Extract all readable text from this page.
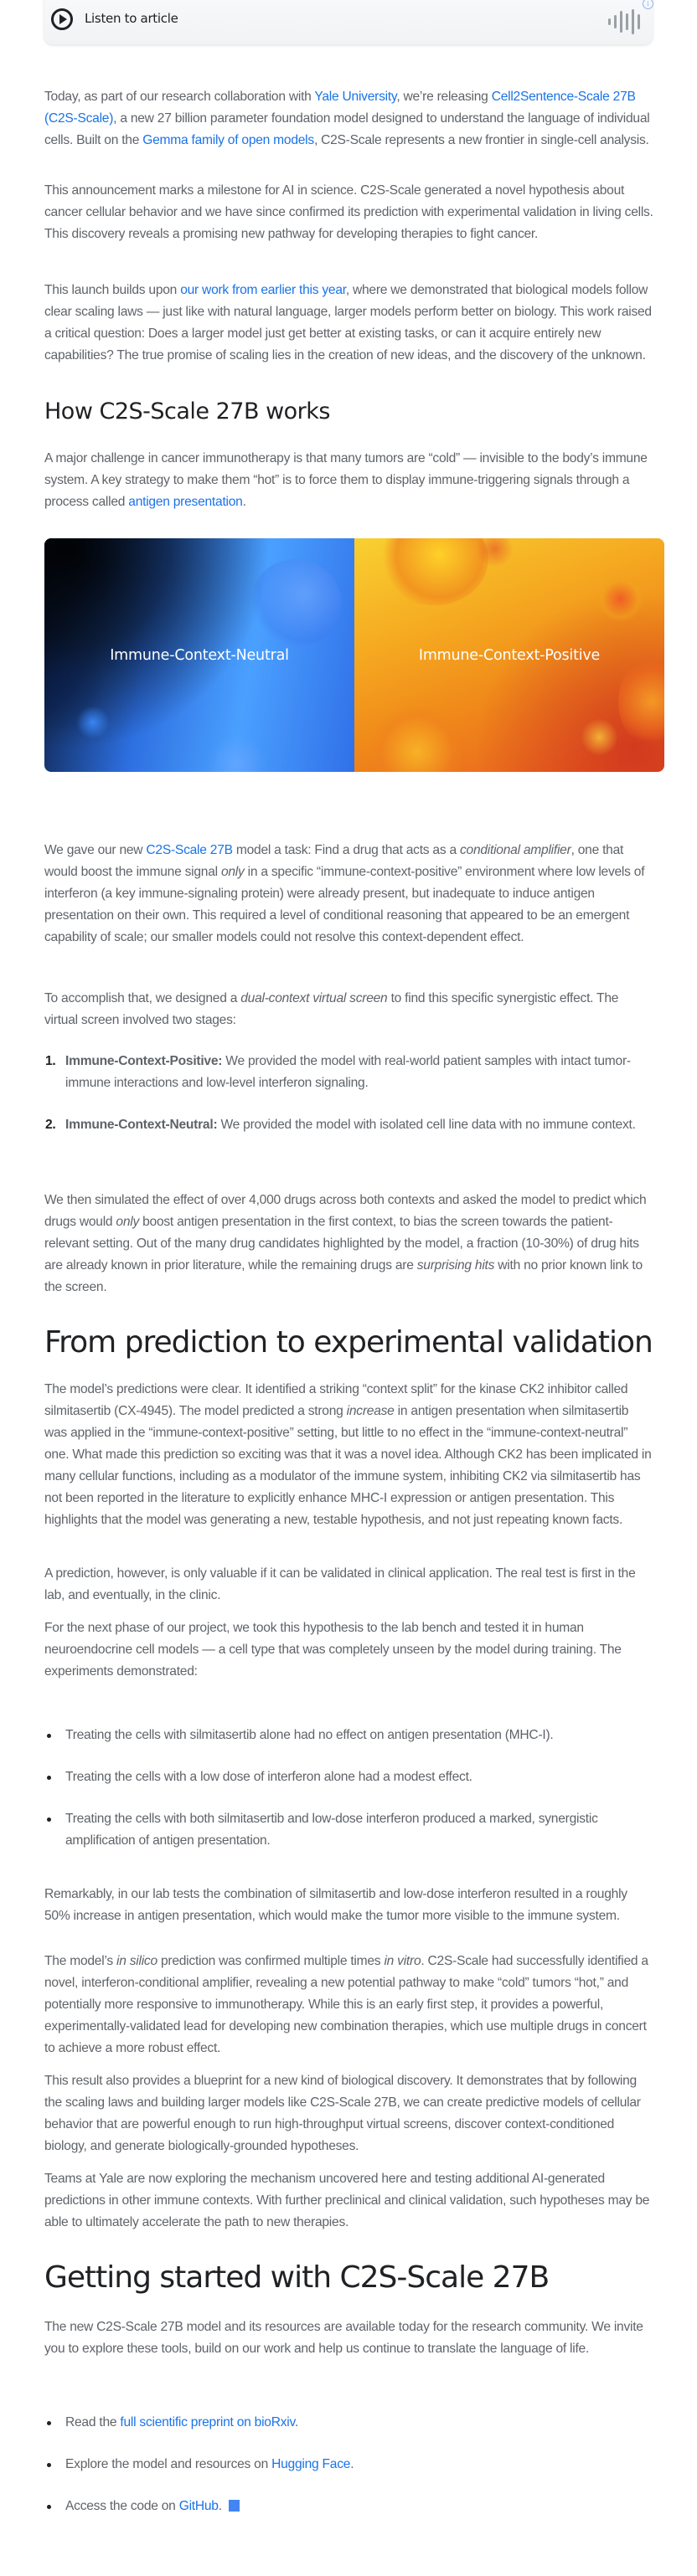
Listen to article
i

Today, as part of our research collaboration with Yale University, we’re releasing Cell2Sentence-Scale 27B (C2S-Scale), a new 27 billion parameter foundation model designed to understand the language of individual cells. Built on the Gemma family of open models, C2S-Scale represents a new frontier in single-cell analysis.

This announcement marks a milestone for AI in science. C2S-Scale generated a novel hypothesis about cancer cellular behavior and we have since confirmed its prediction with experimental validation in living cells. This discovery reveals a promising new pathway for developing therapies to fight cancer.

This launch builds upon our work from earlier this year, where we demonstrated that biological models follow clear scaling laws — just like with natural language, larger models perform better on biology. This work raised a critical question: Does a larger model just get better at existing tasks, or can it acquire entirely new capabilities? The true promise of scaling lies in the creation of new ideas, and the discovery of the unknown.

How C2S-Scale 27B works

A major challenge in cancer immunotherapy is that many tumors are “cold” — invisible to the body’s immune system. A key strategy to make them “hot” is to force them to display immune-triggering signals through a process called antigen presentation.

Immune-Context-Neutral	Immune-Context-Positive

We gave our new C2S-Scale 27B model a task: Find a drug that acts as a conditional amplifier, one that would boost the immune signal only in a specific “immune-context-positive” environment where low levels of interferon (a key immune-signaling protein) were already present, but inadequate to induce antigen presentation on their own. This required a level of conditional reasoning that appeared to be an emergent capability of scale; our smaller models could not resolve this context-dependent effect.

To accomplish that, we designed a dual-context virtual screen to find this specific synergistic effect. The virtual screen involved two stages:

1. Immune-Context-Positive: We provided the model with real-world patient samples with intact tumor-immune interactions and low-level interferon signaling.
2. Immune-Context-Neutral: We provided the model with isolated cell line data with no immune context.

We then simulated the effect of over 4,000 drugs across both contexts and asked the model to predict which drugs would only boost antigen presentation in the first context, to bias the screen towards the patient-relevant setting. Out of the many drug candidates highlighted by the model, a fraction (10-30%) of drug hits are already known in prior literature, while the remaining drugs are surprising hits with no prior known link to the screen.

From prediction to experimental validation

The model’s predictions were clear. It identified a striking “context split” for the kinase CK2 inhibitor called silmitasertib (CX-4945). The model predicted a strong increase in antigen presentation when silmitasertib was applied in the “immune-context-positive” setting, but little to no effect in the “immune-context-neutral” one. What made this prediction so exciting was that it was a novel idea. Although CK2 has been implicated in many cellular functions, including as a modulator of the immune system, inhibiting CK2 via silmitasertib has not been reported in the literature to explicitly enhance MHC-I expression or antigen presentation. This highlights that the model was generating a new, testable hypothesis, and not just repeating known facts.

A prediction, however, is only valuable if it can be validated in clinical application. The real test is first in the lab, and eventually, in the clinic.

For the next phase of our project, we took this hypothesis to the lab bench and tested it in human neuroendocrine cell models — a cell type that was completely unseen by the model during training. The experiments demonstrated:

Treating the cells with silmitasertib alone had no effect on antigen presentation (MHC-I).
Treating the cells with a low dose of interferon alone had a modest effect.
Treating the cells with both silmitasertib and low-dose interferon produced a marked, synergistic amplification of antigen presentation.

Remarkably, in our lab tests the combination of silmitasertib and low-dose interferon resulted in a roughly 50% increase in antigen presentation, which would make the tumor more visible to the immune system.

The model’s in silico prediction was confirmed multiple times in vitro. C2S-Scale had successfully identified a novel, interferon-conditional amplifier, revealing a new potential pathway to make “cold” tumors “hot,” and potentially more responsive to immunotherapy. While this is an early first step, it provides a powerful, experimentally-validated lead for developing new combination therapies, which use multiple drugs in concert to achieve a more robust effect.

This result also provides a blueprint for a new kind of biological discovery. It demonstrates that by following the scaling laws and building larger models like C2S-Scale 27B, we can create predictive models of cellular behavior that are powerful enough to run high-throughput virtual screens, discover context-conditioned biology, and generate biologically-grounded hypotheses.

Teams at Yale are now exploring the mechanism uncovered here and testing additional AI-generated predictions in other immune contexts. With further preclinical and clinical validation, such hypotheses may be able to ultimately accelerate the path to new therapies.

Getting started with C2S-Scale 27B

The new C2S-Scale 27B model and its resources are available today for the research community. We invite you to explore these tools, build on our work and help us continue to translate the language of life.

Read the full scientific preprint on bioRxiv.
Explore the model and resources on Hugging Face.
Access the code on GitHub.
